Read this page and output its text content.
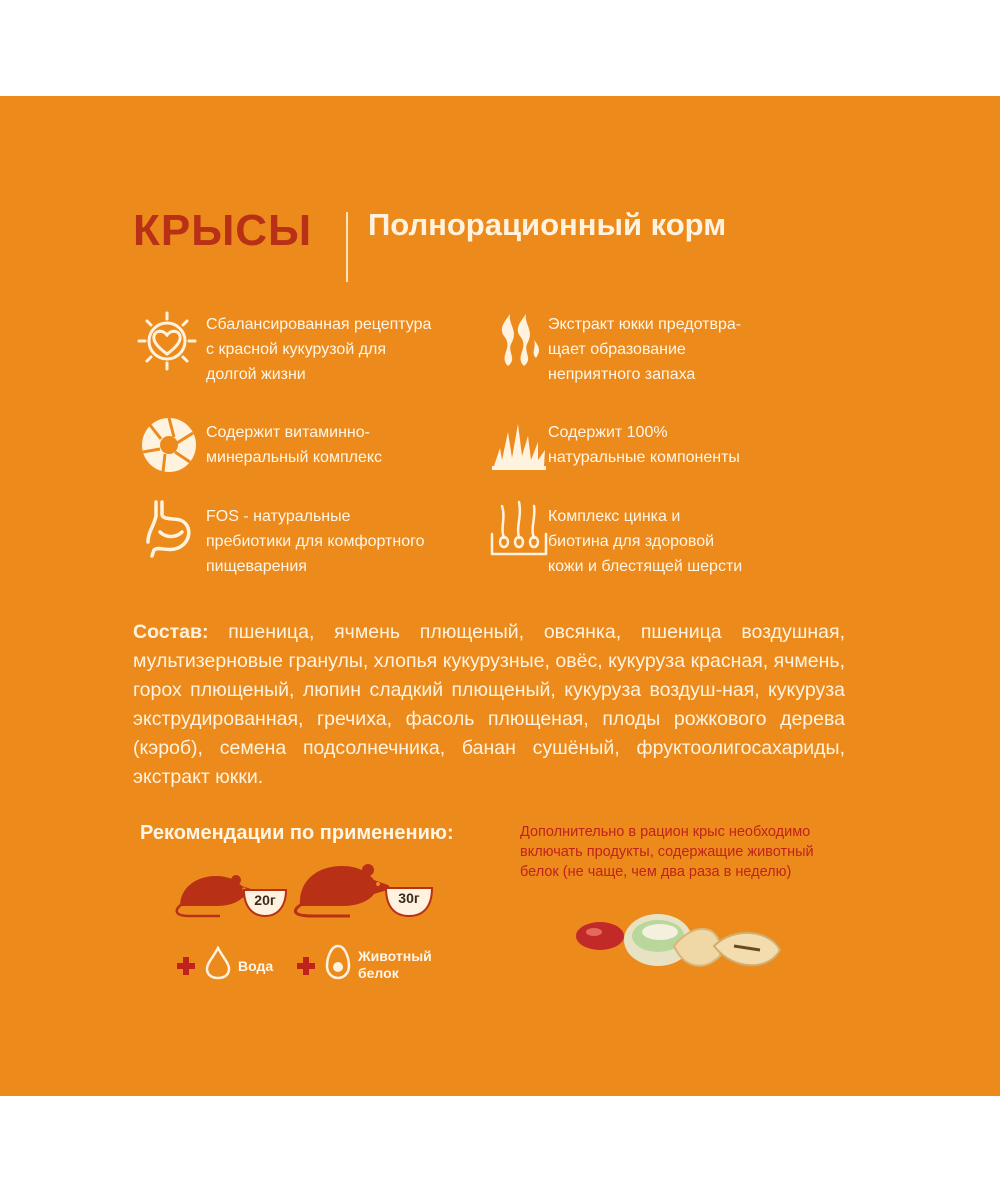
КРЫСЫ Полнорационный корм
Сбалансированная рецептура
с красной кукурузой для
долгой жизни
Экстракт юкки предотвра-
щает образование
неприятного запаха
Содержит витаминно-
минеральный комплекс
Содержит 100%
натуральные компоненты
FOS - натуральные
пребиотики для комфортного
пищеварения
Комплекс цинка и
биотина для здоровой
кожи и блестящей шерсти
Состав: пшеница, ячмень плющеный, овсянка, пшеница воздушная, мультизерновые гранулы, хлопья кукурузные, овёс, кукуруза красная, ячмень, горох плющеный, люпин сладкий плющеный, кукуруза воздуш-ная, кукуруза экструдированная, гречиха, фасоль плющеная, плоды рожкового дерева (кэроб), семена подсолнечника, банан сушёный, фруктоолигосахариды, экстракт юкки.
Рекомендации по применению:
20г	30г
Вода
Животный
белок
Дополнительно в рацион крыс необходимо включать продукты, содержащие животный белок (не чаще, чем два раза в неделю)
